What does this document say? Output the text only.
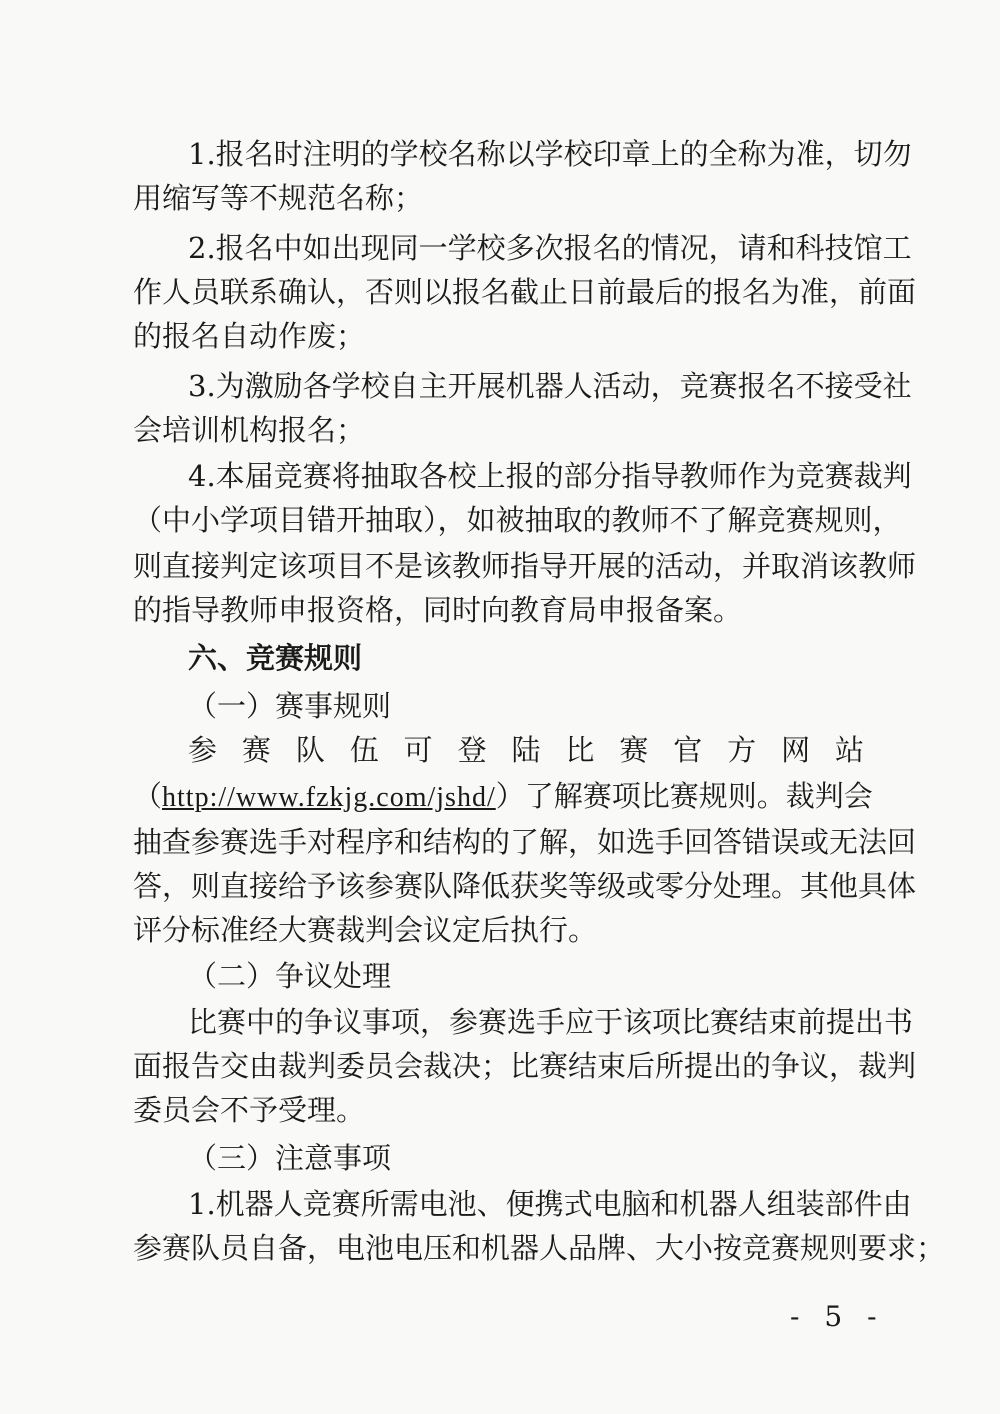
1.报名时注明的学校名称以学校印章上的全称为准，切勿
用缩写等不规范名称；
2.报名中如出现同一学校多次报名的情况，请和科技馆工
作人员联系确认，否则以报名截止日前最后的报名为准，前面
的报名自动作废；
3.为激励各学校自主开展机器人活动，竞赛报名不接受社
会培训机构报名；
4.本届竞赛将抽取各校上报的部分指导教师作为竞赛裁判
（中小学项目错开抽取），如被抽取的教师不了解竞赛规则，
则直接判定该项目不是该教师指导开展的活动，并取消该教师
的指导教师申报资格，同时向教育局申报备案。
六、竞赛规则
（一）赛事规则
参赛队伍可登陆比赛官方网站
（http://www.fzkjg.com/jshd/）了解赛项比赛规则。裁判会
抽查参赛选手对程序和结构的了解，如选手回答错误或无法回
答，则直接给予该参赛队降低获奖等级或零分处理。其他具体
评分标准经大赛裁判会议定后执行。
（二）争议处理
比赛中的争议事项，参赛选手应于该项比赛结束前提出书
面报告交由裁判委员会裁决；比赛结束后所提出的争议，裁判
委员会不予受理。
（三）注意事项
1.机器人竞赛所需电池、便携式电脑和机器人组装部件由
参赛队员自备，电池电压和机器人品牌、大小按竞赛规则要求；
- 5 -
